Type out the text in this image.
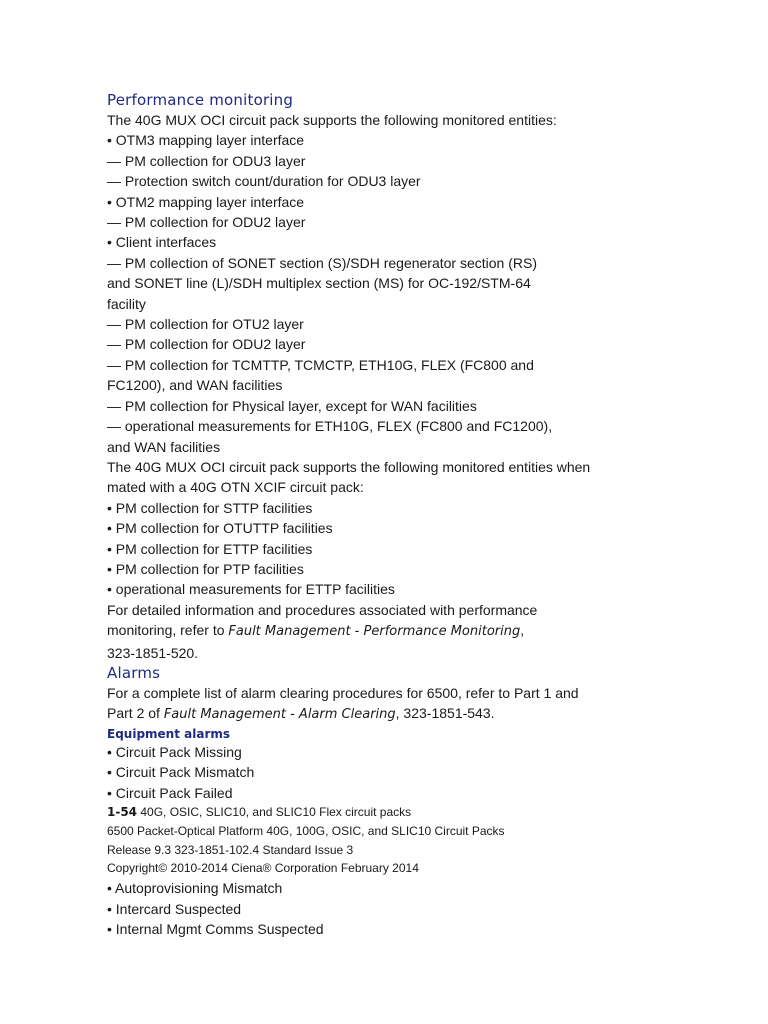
Performance monitoring
The 40G MUX OCI circuit pack supports the following monitored entities:
• OTM3 mapping layer interface
— PM collection for ODU3 layer
— Protection switch count/duration for ODU3 layer
• OTM2 mapping layer interface
— PM collection for ODU2 layer
• Client interfaces
— PM collection of SONET section (S)/SDH regenerator section (RS)
and SONET line (L)/SDH multiplex section (MS) for OC-192/STM-64
facility
— PM collection for OTU2 layer
— PM collection for ODU2 layer
— PM collection for TCMTTP, TCMCTP, ETH10G, FLEX (FC800 and
FC1200), and WAN facilities
— PM collection for Physical layer, except for WAN facilities
— operational measurements for ETH10G, FLEX (FC800 and FC1200),
and WAN facilities
The 40G MUX OCI circuit pack supports the following monitored entities when
mated with a 40G OTN XCIF circuit pack:
• PM collection for STTP facilities
• PM collection for OTUTTP facilities
• PM collection for ETTP facilities
• PM collection for PTP facilities
• operational measurements for ETTP facilities
For detailed information and procedures associated with performance
monitoring, refer to Fault Management - Performance Monitoring,
323-1851-520.
Alarms
For a complete list of alarm clearing procedures for 6500, refer to Part 1 and
Part 2 of Fault Management - Alarm Clearing, 323-1851-543.
Equipment alarms
• Circuit Pack Missing
• Circuit Pack Mismatch
• Circuit Pack Failed
1-54 40G, OSIC, SLIC10, and SLIC10 Flex circuit packs
6500 Packet-Optical Platform 40G, 100G, OSIC, and SLIC10 Circuit Packs
Release 9.3 323-1851-102.4 Standard Issue 3
Copyright© 2010-2014 Ciena® Corporation February 2014
• Autoprovisioning Mismatch
• Intercard Suspected
• Internal Mgmt Comms Suspected
